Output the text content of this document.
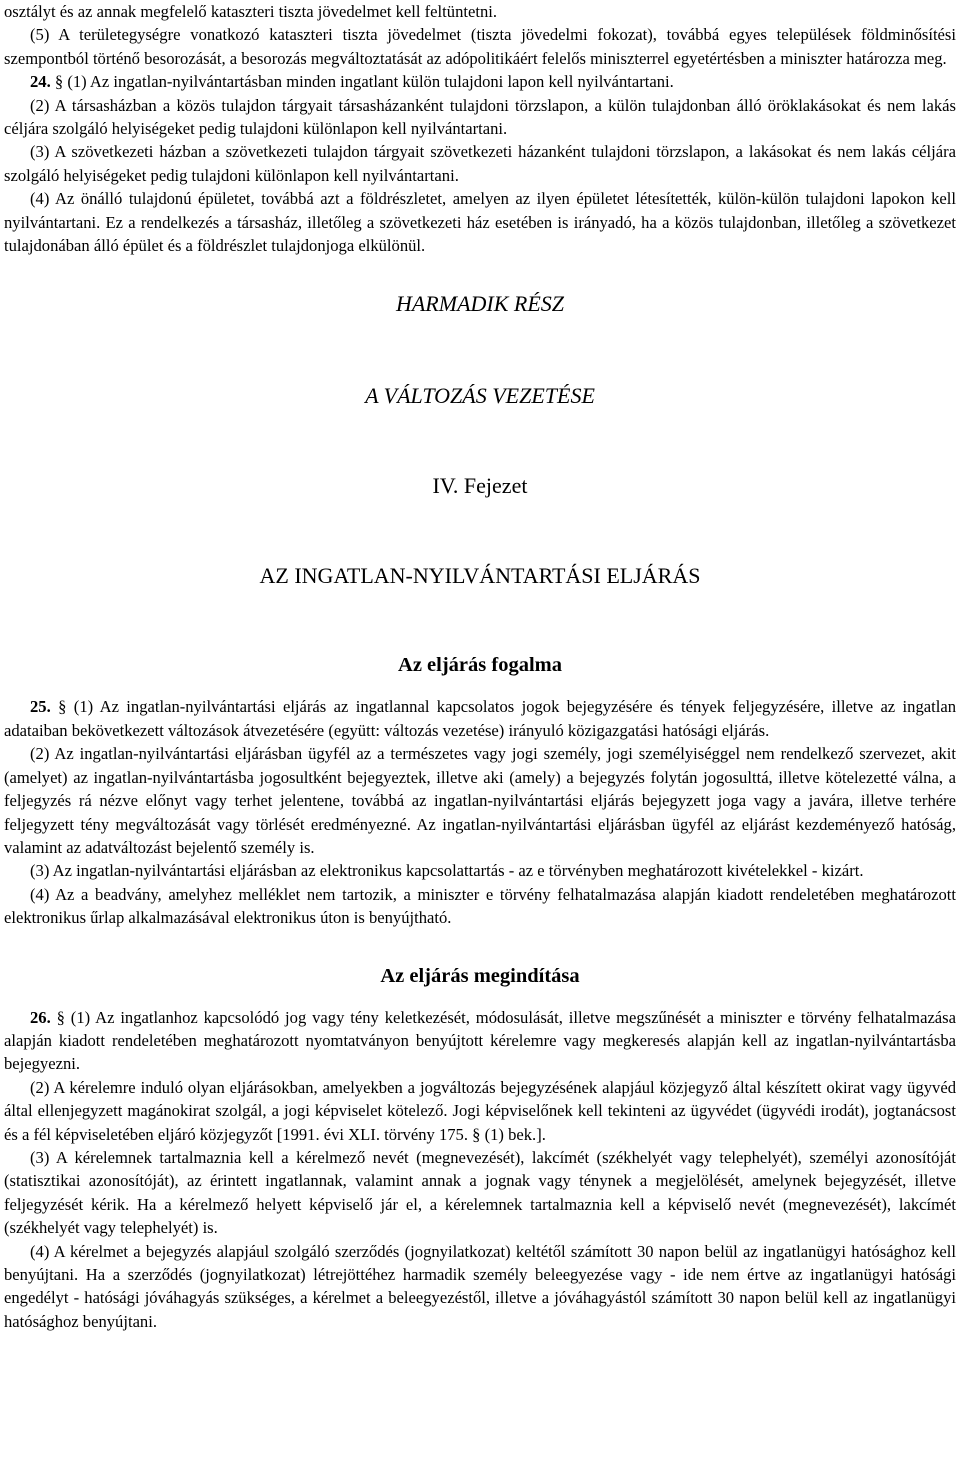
osztályt és az annak megfelelő kataszteri tiszta jövedelmet kell feltüntetni.

(5) A területegységre vonatkozó kataszteri tiszta jövedelmet (tiszta jövedelmi fokozat), továbbá egyes települések földminősítési szempontból történő besorozását, a besorozás megváltoztatását az adópolitikáért felelős miniszterrel egyetértésben a miniszter határozza meg.

24. § (1) Az ingatlan-nyilvántartásban minden ingatlant külön tulajdoni lapon kell nyilvántartani.

(2) A társasházban a közös tulajdon tárgyait társasházanként tulajdoni törzslapon, a külön tulajdonban álló öröklakásokat és nem lakás céljára szolgáló helyiségeket pedig tulajdoni különlapon kell nyilvántartani.

(3) A szövetkezeti házban a szövetkezeti tulajdon tárgyait szövetkezeti házanként tulajdoni törzslapon, a lakásokat és nem lakás céljára szolgáló helyiségeket pedig tulajdoni különlapon kell nyilvántartani.

(4) Az önálló tulajdonú épületet, továbbá azt a földrészletet, amelyen az ilyen épületet létesítették, külön-külön tulajdoni lapokon kell nyilvántartani. Ez a rendelkezés a társasház, illetőleg a szövetkezeti ház esetében is irányadó, ha a közös tulajdonban, illetőleg a szövetkezet tulajdonában álló épület és a földrészlet tulajdonjoga elkülönül.

HARMADIK RÉSZ
A VÁLTOZÁS VEZETÉSE
IV. Fejezet
AZ INGATLAN-NYILVÁNTARTÁSI ELJÁRÁS
Az eljárás fogalma

25. § (1) Az ingatlan-nyilvántartási eljárás az ingatlannal kapcsolatos jogok bejegyzésére és tények feljegyzésére, illetve az ingatlan adataiban bekövetkezett változások átvezetésére (együtt: változás vezetése) irányuló közigazgatási hatósági eljárás.

(2) Az ingatlan-nyilvántartási eljárásban ügyfél az a természetes vagy jogi személy, jogi személyiséggel nem rendelkező szervezet, akit (amelyet) az ingatlan-nyilvántartásba jogosultként bejegyeztek, illetve aki (amely) a bejegyzés folytán jogosulttá, illetve kötelezetté válna, a feljegyzés rá nézve előnyt vagy terhet jelentene, továbbá az ingatlan-nyilvántartási eljárás bejegyzett joga vagy a javára, illetve terhére feljegyzett tény megváltozását vagy törlését eredményezné. Az ingatlan-nyilvántartási eljárásban ügyfél az eljárást kezdeményező hatóság, valamint az adatváltozást bejelentő személy is.

(3) Az ingatlan-nyilvántartási eljárásban az elektronikus kapcsolattartás - az e törvényben meghatározott kivételekkel - kizárt.

(4) Az a beadvány, amelyhez melléklet nem tartozik, a miniszter e törvény felhatalmazása alapján kiadott rendeletében meghatározott elektronikus űrlap alkalmazásával elektronikus úton is benyújtható.

Az eljárás megindítása

26. § (1) Az ingatlanhoz kapcsolódó jog vagy tény keletkezését, módosulását, illetve megszűnését a miniszter e törvény felhatalmazása alapján kiadott rendeletében meghatározott nyomtatványon benyújtott kérelemre vagy megkeresés alapján kell az ingatlan-nyilvántartásba bejegyezni.

(2) A kérelemre induló olyan eljárásokban, amelyekben a jogváltozás bejegyzésének alapjául közjegyző által készített okirat vagy ügyvéd által ellenjegyzett magánokirat szolgál, a jogi képviselet kötelező. Jogi képviselőnek kell tekinteni az ügyvédet (ügyvédi irodát), jogtanácsost és a fél képviseletében eljáró közjegyzőt [1991. évi XLI. törvény 175. § (1) bek.].

(3) A kérelemnek tartalmaznia kell a kérelmező nevét (megnevezését), lakcímét (székhelyét vagy telephelyét), személyi azonosítóját (statisztikai azonosítóját), az érintett ingatlannak, valamint annak a jognak vagy ténynek a megjelölését, amelynek bejegyzését, illetve feljegyzését kérik. Ha a kérelmező helyett képviselő jár el, a kérelemnek tartalmaznia kell a képviselő nevét (megnevezését), lakcímét (székhelyét vagy telephelyét) is.

(4) A kérelmet a bejegyzés alapjául szolgáló szerződés (jognyilatkozat) keltétől számított 30 napon belül az ingatlanügyi hatósághoz kell benyújtani. Ha a szerződés (jognyilatkozat) létrejöttéhez harmadik személy beleegyezése vagy - ide nem értve az ingatlanügyi hatósági engedélyt - hatósági jóváhagyás szükséges, a kérelmet a beleegyezéstől, illetve a jóváhagyástól számított 30 napon belül kell az ingatlanügyi hatósághoz benyújtani.
